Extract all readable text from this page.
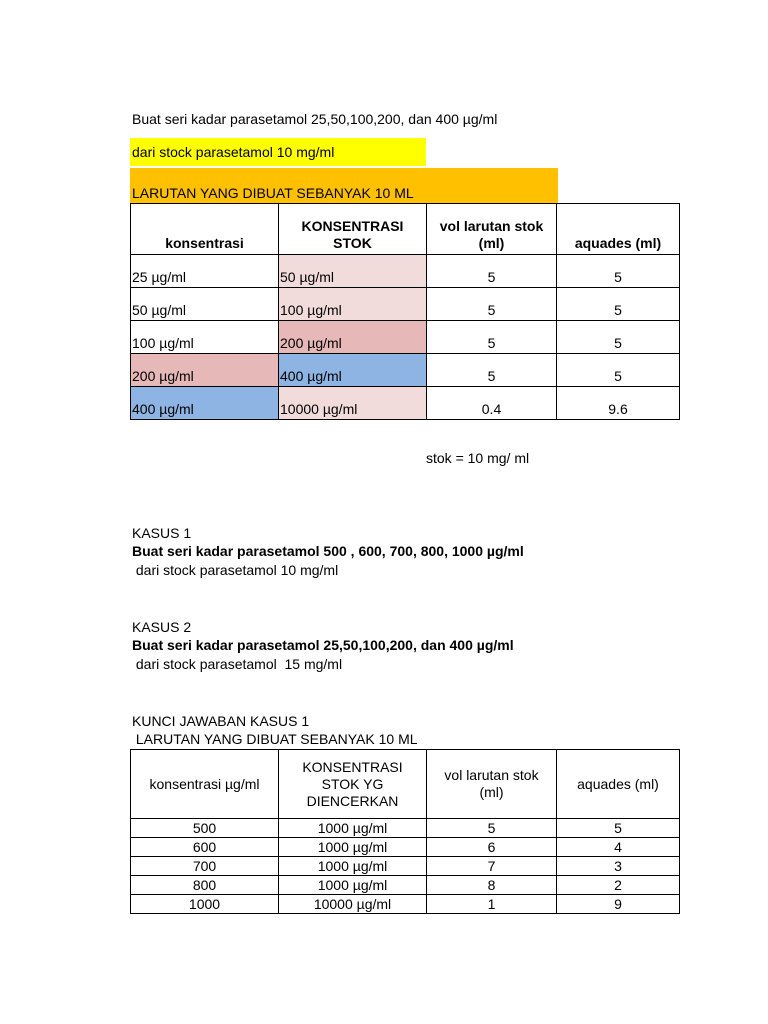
Buat seri kadar parasetamol 25,50,100,200, dan 400 µg/ml
dari stock parasetamol 10 mg/ml
LARUTAN YANG DIBUAT SEBANYAK 10 ML
konsentrasi	KONSENTRASI STOK	vol larutan stok (ml)	aquades (ml)
25 µg/ml	50 µg/ml	5	5
50 µg/ml	100 µg/ml	5	5
100 µg/ml	200 µg/ml	5	5
200 µg/ml	400 µg/ml	5	5
400 µg/ml	10000 µg/ml	0.4	9.6
stok = 10 mg/ ml
KASUS 1
Buat seri kadar parasetamol 500 , 600, 700, 800, 1000 µg/ml
dari stock parasetamol 10 mg/ml
KASUS 2
Buat seri kadar parasetamol 25,50,100,200, dan 400 µg/ml
dari stock parasetamol  15 mg/ml
KUNCI JAWABAN KASUS 1
LARUTAN YANG DIBUAT SEBANYAK 10 ML
konsentrasi µg/ml	KONSENTRASI STOK YG DIENCERKAN	vol larutan stok (ml)	aquades (ml)
500	1000 µg/ml	5	5
600	1000 µg/ml	6	4
700	1000 µg/ml	7	3
800	1000 µg/ml	8	2
1000	10000 µg/ml	1	9
